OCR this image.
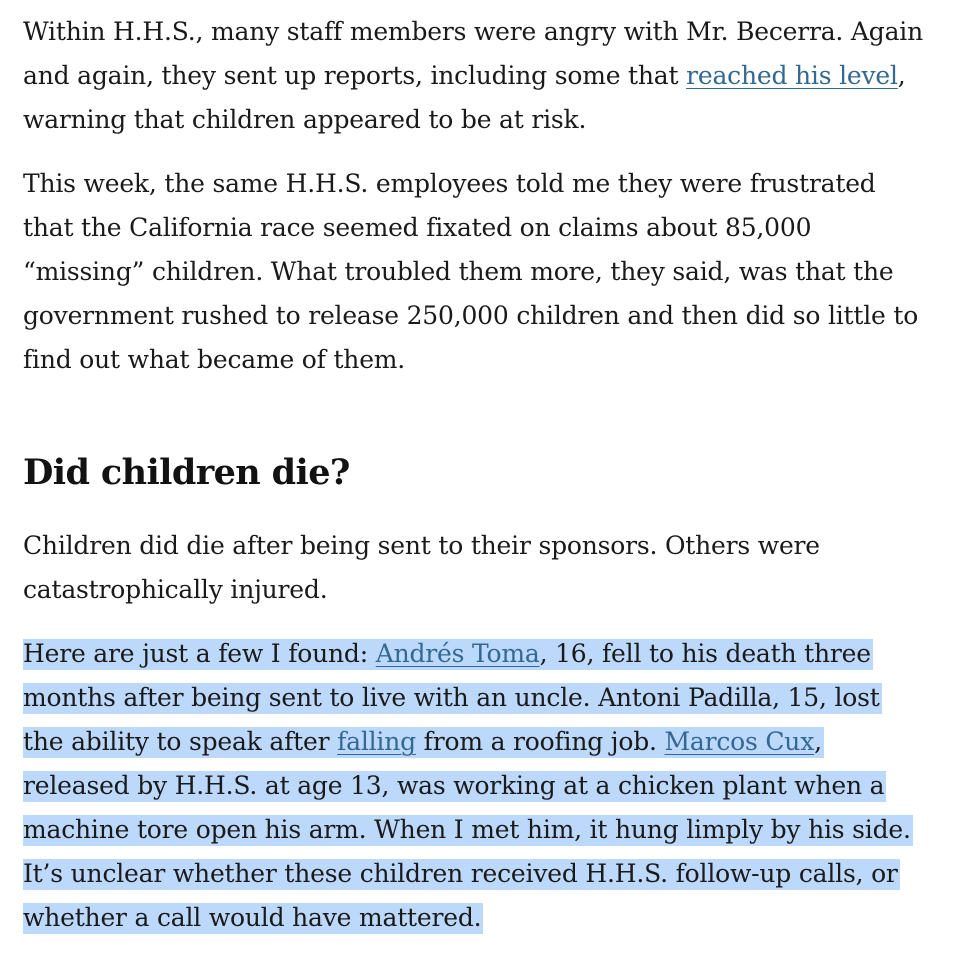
Within H.H.S., many staff members were angry with Mr. Becerra. Again and again, they sent up reports, including some that reached his level, warning that children appeared to be at risk.

This week, the same H.H.S. employees told me they were frustrated that the California race seemed fixated on claims about 85,000 “missing” children. What troubled them more, they said, was that the government rushed to release 250,000 children and then did so little to find out what became of them.

Did children die?

Children did die after being sent to their sponsors. Others were catastrophically injured.

Here are just a few I found: Andrés Toma, 16, fell to his death three months after being sent to live with an uncle. Antoni Padilla, 15, lost the ability to speak after falling from a roofing job. Marcos Cux, released by H.H.S. at age 13, was working at a chicken plant when a machine tore open his arm. When I met him, it hung limply by his side. It’s unclear whether these children received H.H.S. follow-up calls, or whether a call would have mattered.
